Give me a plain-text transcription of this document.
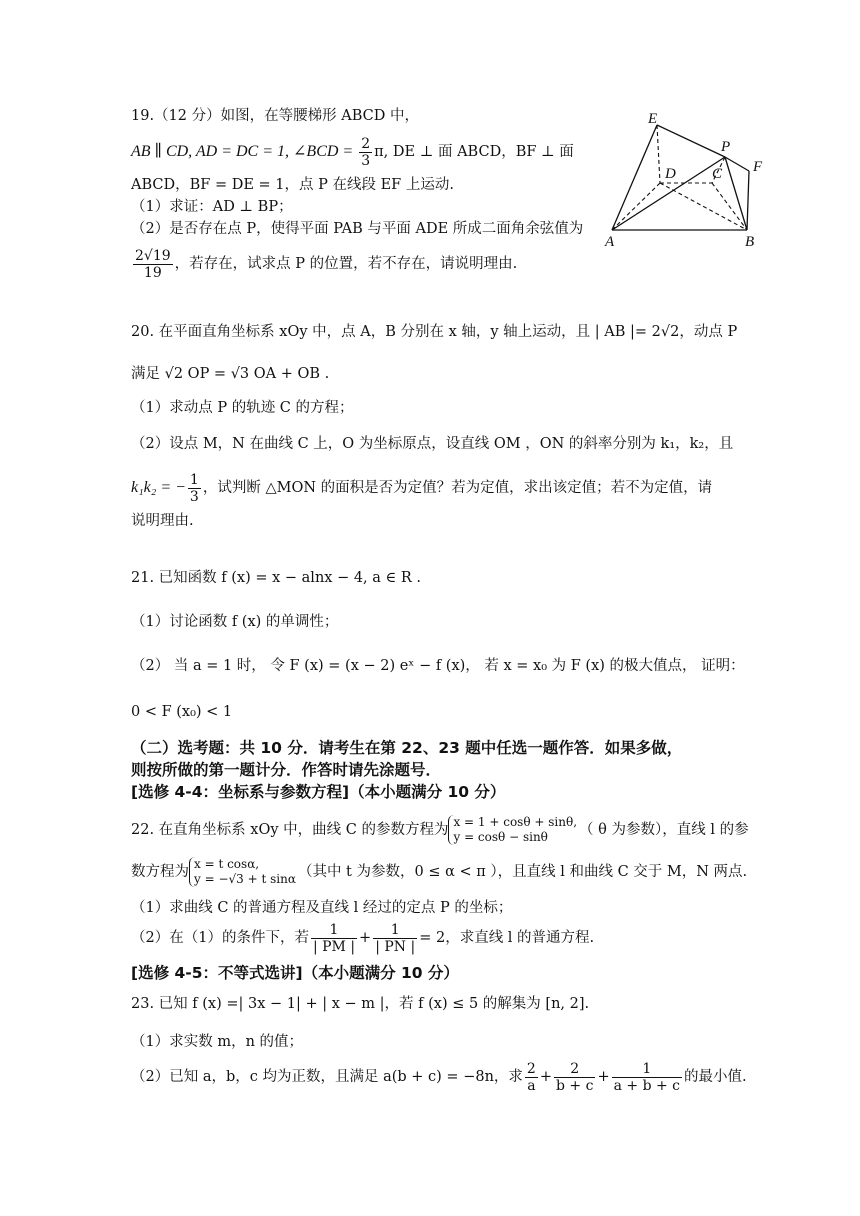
19.（12 分）如图，在等腰梯形 ABCD 中，
AB ∥ CD, AD = DC = 1, ∠BCD = $\frac{2}{3} \pi$, DE ⊥ 面 ABCD，BF ⊥ 面
ABCD，BF = DE = 1，点 P 在线段 EF 上运动.
（1）求证：AD ⊥ BP；
（2）是否存在点 P，使得平面 PAB 与平面 ADE 所成二面角余弦值为
$\frac{2√19}{19}$ ，若存在，试求点 P 的位置，若不存在，请说明理由.
E
P
F
D C
A	B
20. 在平面直角坐标系 xOy 中，点 A，B 分别在 x 轴，y 轴上运动，且 | AB |= 2√2，动点 P
满足 √2 OP = √3 OA + OB .
（1）求动点 P 的轨迹 C 的方程；
（2）设点 M，N 在曲线 C 上，O 为坐标原点，设直线 OM ，ON 的斜率分别为 k₁，k₂，且
k₁k₂ = − $\frac{1}{3}$ ，试判断 △MON 的面积是否为定值？若为定值，求出该定值；若不为定值，请
说明理由.
21. 已知函数 f (x) = x − alnx − 4, a ∈ R .
（1）讨论函数 f (x) 的单调性；
（2） 当 a = 1 时， 令 F (x) = (x − 2) eˣ − f (x)， 若 x = x₀ 为 F (x) 的极大值点， 证明：
0 < F (x₀) < 1
（二）选考题：共 10 分．请考生在第 22、23 题中任选一题作答．如果多做，
则按所做的第一题计分．作答时请先涂题号．
[选修 4-4：坐标系与参数方程]（本小题满分 10 分）
22. 在直角坐标系 xOy 中，曲线 C 的参数方程为 x = 1 + cosθ + sinθ,
y = cosθ − sinθ	（ θ 为参数），直线 l 的参
数方程为 x = t cosα,
y = −√3 + t sinα （其中 t 为参数，0 ≤ α < π ），且直线 l 和曲线 C 交于 M，N 两点.
（1）求曲线 C 的普通方程及直线 l 经过的定点 P 的坐标；
（2）在（1）的条件下，若 $\frac{1}{| PM |} + \frac{1}{| PN |} = 2$，求直线 l 的普通方程.
[选修 4-5：不等式选讲]（本小题满分 10 分）
23. 已知 f (x) =| 3x − 1| + | x − m |，若 f (x) ≤ 5 的解集为 [n, 2].
（1）求实数 m，n 的值；
（2）已知 a，b，c 均为正数，且满足 a(b + c) = −8n，求 $\frac{2}{a} + \frac{2}{b + c} + \frac{1}{a + b + c}$ 的最小值.
